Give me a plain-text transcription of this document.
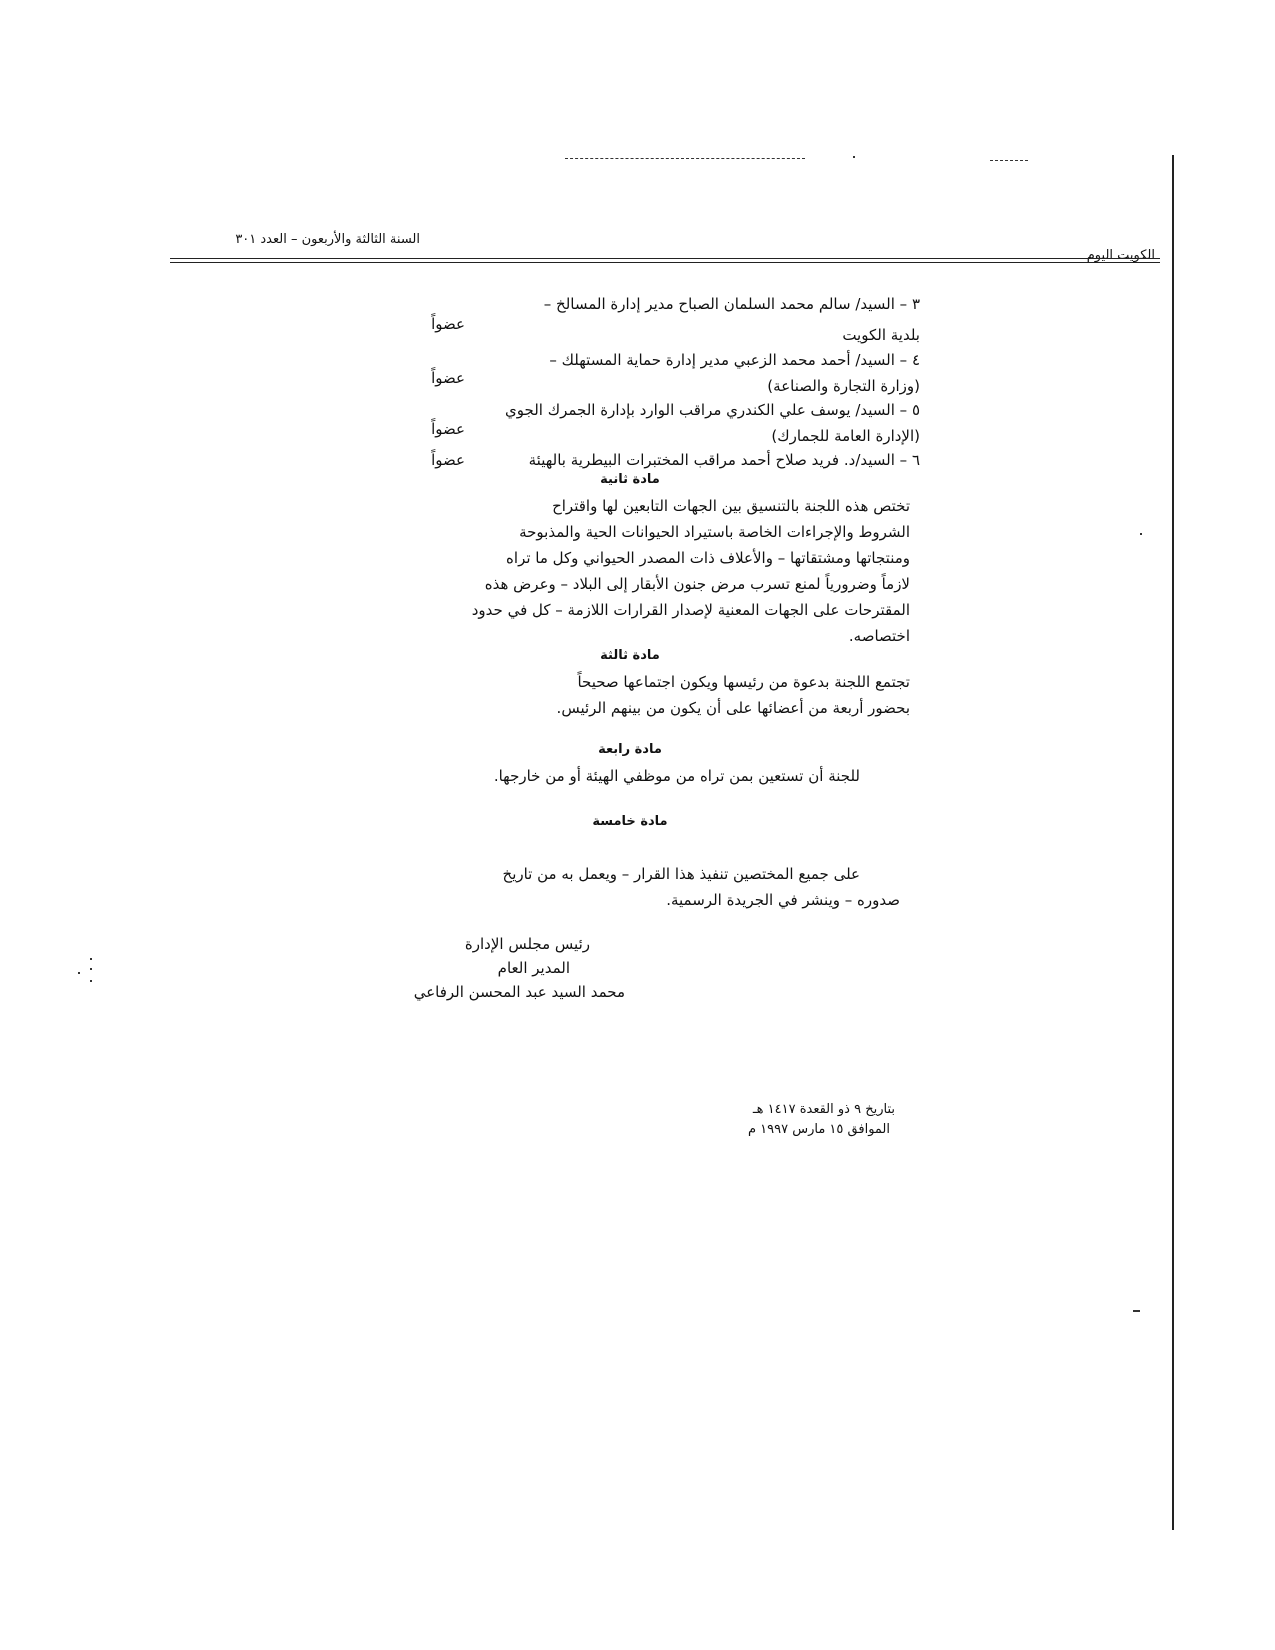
السنة الثالثة والأربعون – العدد ٣٠١
الكويت اليوم
٣ – السيد/ سالم محمد السلمان الصباح مدير إدارة المسالخ –
عضواً
بلدية الكويت
٤ – السيد/ أحمد محمد الزعبي مدير إدارة حماية المستهلك –
عضواً	(وزارة التجارة والصناعة)
٥ – السيد/ يوسف علي الكندري مراقب الوارد بإدارة الجمرك الجوي
عضواً	(الإدارة العامة للجمارك)
٦ – السيد/د. فريد صلاح أحمد مراقب المختبرات البيطرية بالهيئة
عضواً
مادة ثانية
تختص هذه اللجنة بالتنسيق بين الجهات التابعين لها واقتراح
الشروط والإجراءات الخاصة باستيراد الحيوانات الحية والمذبوحة
ومنتجاتها ومشتقاتها – والأعلاف ذات المصدر الحيواني وكل ما تراه
لازماً وضرورياً لمنع تسرب مرض جنون الأبقار إلى البلاد – وعرض هذه
المقترحات على الجهات المعنية لإصدار القرارات اللازمة – كل في حدود
اختصاصه.
مادة ثالثة
تجتمع اللجنة بدعوة من رئيسها ويكون اجتماعها صحيحاً
بحضور أربعة من أعضائها على أن يكون من بينهم الرئيس.
مادة رابعة
للجنة أن تستعين بمن تراه من موظفي الهيئة أو من خارجها.
مادة خامسة
على جميع المختصين تنفيذ هذا القرار – ويعمل به من تاريخ
صدوره – وينشر في الجريدة الرسمية.
رئيس مجلس الإدارة
المدير العام
محمد السيد عبد المحسن الرفاعي
بتاريخ ٩ ذو القعدة ١٤١٧ هـ
الموافق ١٥ مارس ١٩٩٧ م
